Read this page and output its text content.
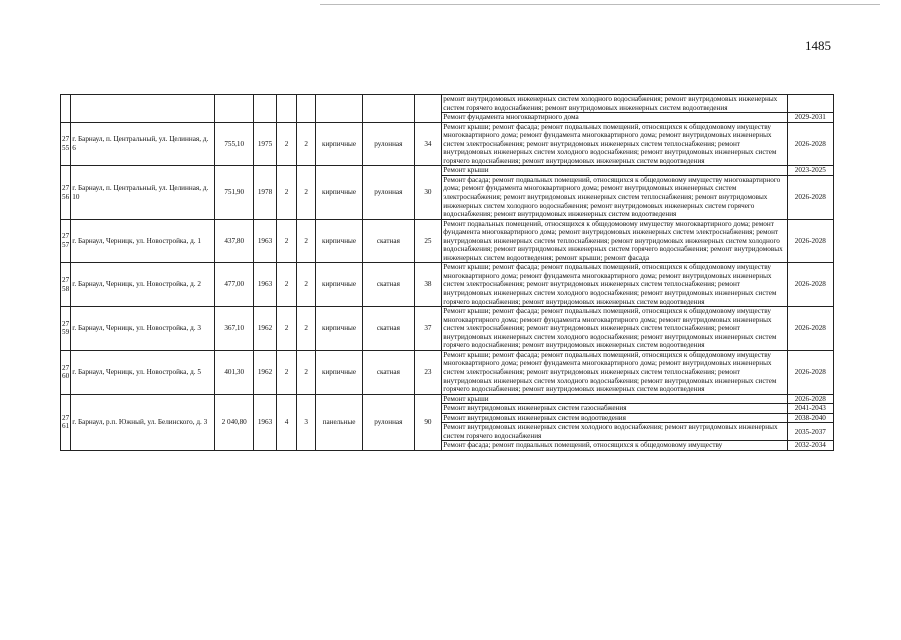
1485
									ремонт внутридомовых инженерных систем холодного водоснабжения; ремонт внутридомовых инженерных систем горячего водоснабжения; ремонт внутридомовых инженерных систем водоотведения	
									Ремонт фундамента многоквартирного дома	2029-2031
2755	г. Барнаул, п. Центральный, ул. Целинная, д. 6	755,10	1975	2	2	кирпичные	рулонная	34	Ремонт крыши; ремонт фасада; ремонт подвальных помещений, относящихся к общедомовому имуществу многоквартирного дома; ремонт фундамента многоквартирного дома; ремонт внутридомовых инженерных систем электроснабжения; ремонт внутридомовых инженерных систем теплоснабжения; ремонт внутридомовых инженерных систем холодного водоснабжения; ремонт внутридомовых инженерных систем горячего водоснабжения; ремонт внутридомовых инженерных систем водоотведения	2026-2028
2756	г. Барнаул, п. Центральный, ул. Целинная, д. 10	751,90	1978	2	2	кирпичные	рулонная	30	Ремонт крыши	2023-2025
									Ремонт фасада; ремонт подвальных помещений, относящихся к общедомовому имуществу многоквартирного дома; ремонт фундамента многоквартирного дома; ремонт внутридомовых инженерных систем электроснабжения; ремонт внутридомовых инженерных систем теплоснабжения; ремонт внутридомовых инженерных систем холодного водоснабжения; ремонт внутридомовых инженерных систем горячего водоснабжения; ремонт внутридомовых инженерных систем водоотведения	2026-2028
2757	г. Барнаул, Черницк, ул. Новостройка, д. 1	437,80	1963	2	2	кирпичные	скатная	25	Ремонт подвальных помещений, относящихся к общедомовому имуществу многоквартирного дома; ремонт фундамента многоквартирного дома; ремонт внутридомовых инженерных систем электроснабжения; ремонт внутридомовых инженерных систем теплоснабжения; ремонт внутридомовых инженерных систем холодного водоснабжения; ремонт внутридомовых инженерных систем горячего водоснабжения; ремонт внутридомовых инженерных систем водоотведения; ремонт крыши; ремонт фасада	2026-2028
2758	г. Барнаул, Черницк, ул. Новостройка, д. 2	477,00	1963	2	2	кирпичные	скатная	38	Ремонт крыши; ремонт фасада; ремонт подвальных помещений, относящихся к общедомовому имуществу многоквартирного дома; ремонт фундамента многоквартирного дома; ремонт внутридомовых инженерных систем электроснабжения; ремонт внутридомовых инженерных систем теплоснабжения; ремонт внутридомовых инженерных систем холодного водоснабжения; ремонт внутридомовых инженерных систем горячего водоснабжения; ремонт внутридомовых инженерных систем водоотведения	2026-2028
2759	г. Барнаул, Черницк, ул. Новостройка, д. 3	367,10	1962	2	2	кирпичные	скатная	37	Ремонт крыши; ремонт фасада; ремонт подвальных помещений, относящихся к общедомовому имуществу многоквартирного дома; ремонт фундамента многоквартирного дома; ремонт внутридомовых инженерных систем электроснабжения; ремонт внутридомовых инженерных систем теплоснабжения; ремонт внутридомовых инженерных систем холодного водоснабжения; ремонт внутридомовых инженерных систем горячего водоснабжения; ремонт внутридомовых инженерных систем водоотведения	2026-2028
2760	г. Барнаул, Черницк, ул. Новостройка, д. 5	401,30	1962	2	2	кирпичные	скатная	23	Ремонт крыши; ремонт фасада; ремонт подвальных помещений, относящихся к общедомовому имуществу многоквартирного дома; ремонт фундамента многоквартирного дома; ремонт внутридомовых инженерных систем электроснабжения; ремонт внутридомовых инженерных систем теплоснабжения; ремонт внутридомовых инженерных систем холодного водоснабжения; ремонт внутридомовых инженерных систем горячего водоснабжения; ремонт внутридомовых инженерных систем водоотведения	2026-2028
2761	г. Барнаул, р.п. Южный, ул. Белинского, д. 3	2 040,80	1963	4	3	панельные	рулонная	90	Ремонт крыши	2026-2028
									Ремонт внутридомовых инженерных систем газоснабжения	2041-2043
									Ремонт внутридомовых инженерных систем водоотведения	2038-2040
									Ремонт внутридомовых инженерных систем холодного водоснабжения; ремонт внутридомовых инженерных систем горячего водоснабжения	2035-2037
									Ремонт фасада; ремонт подвальных помещений, относящихся к общедомовому имуществу	2032-2034
